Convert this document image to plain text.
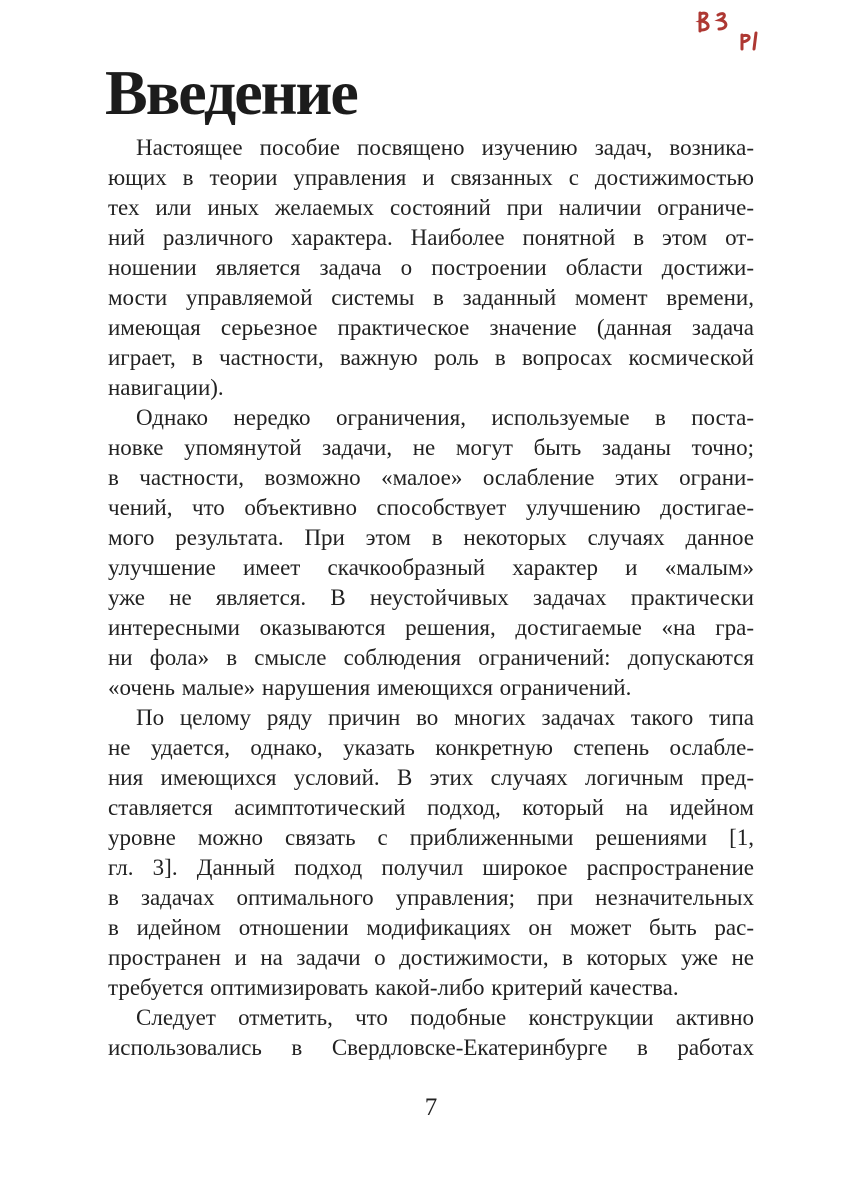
Введение
Настоящее пособие посвящено изучению задач, возника-
ющих в теории управления и связанных с достижимостью
тех или иных желаемых состояний при наличии ограниче-
ний различного характера. Наиболее понятной в этом от-
ношении является задача о построении области достижи-
мости управляемой системы в заданный момент времени,
имеющая серьезное практическое значение (данная задача
играет, в частности, важную роль в вопросах космической
навигации).
Однако нередко ограничения, используемые в поста-
новке упомянутой задачи, не могут быть заданы точно;
в частности, возможно «малое» ослабление этих ограни-
чений, что объективно способствует улучшению достигае-
мого результата. При этом в некоторых случаях данное
улучшение имеет скачкообразный характер и «малым»
уже не является. В неустойчивых задачах практически
интересными оказываются решения, достигаемые «на гра-
ни фола» в смысле соблюдения ограничений: допускаются
«очень малые» нарушения имеющихся ограничений.
По целому ряду причин во многих задачах такого типа
не удается, однако, указать конкретную степень ослабле-
ния имеющихся условий. В этих случаях логичным пред-
ставляется асимптотический подход, который на идейном
уровне можно связать с приближенными решениями [1,
гл. 3]. Данный подход получил широкое распространение
в задачах оптимального управления; при незначительных
в идейном отношении модификациях он может быть рас-
пространен и на задачи о достижимости, в которых уже не
требуется оптимизировать какой-либо критерий качества.
Следует отметить, что подобные конструкции активно
использовались в Свердловске-Екатеринбурге в работах
7
